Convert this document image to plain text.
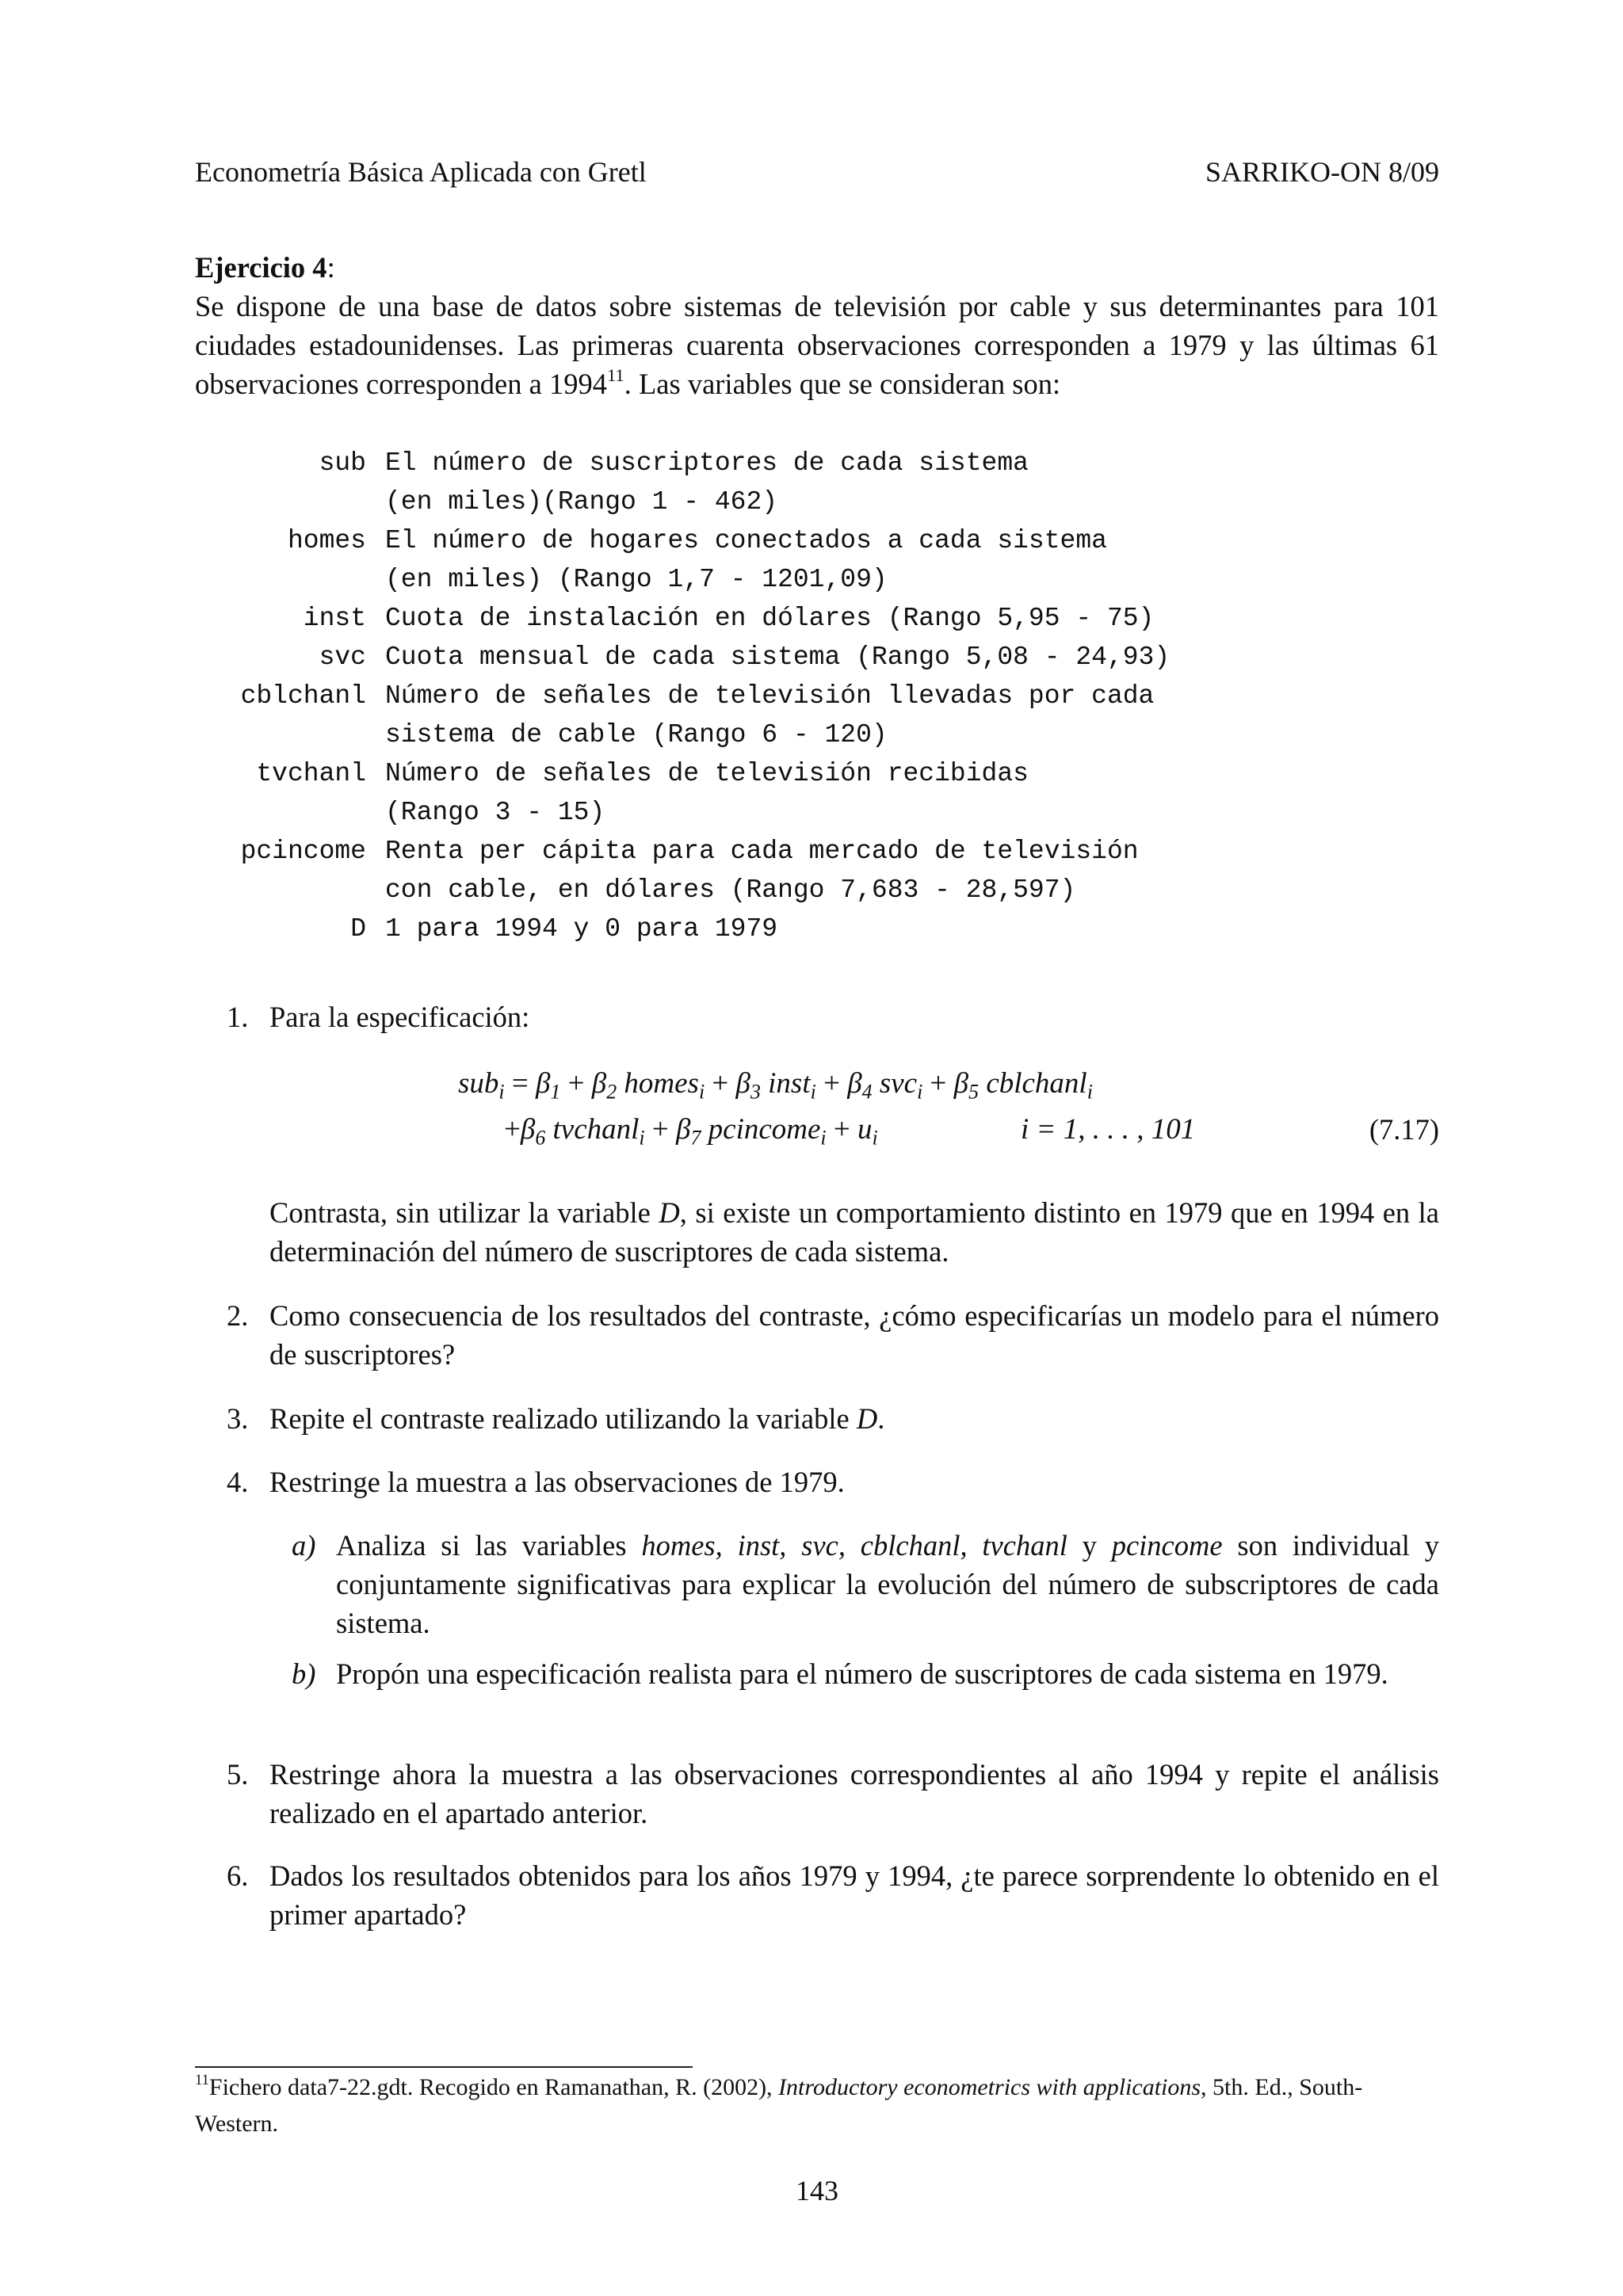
Econometría Básica Aplicada con Gretl	SARRIKO-ON 8/09
Ejercicio 4:
Se dispone de una base de datos sobre sistemas de televisión por cable y sus determinantes para 101 ciudades estadounidenses. Las primeras cuarenta observaciones corresponden a 1979 y las últimas 61 observaciones corresponden a 1994$^{11}$. Las variables que se consideran son:
sub El número de suscriptores de cada sistema
(en miles)(Rango 1 - 462)
homes El número de hogares conectados a cada sistema
(en miles) (Rango 1,7 - 1201,09)
inst Cuota de instalación en dólares (Rango 5,95 - 75)
svc Cuota mensual de cada sistema (Rango 5,08 - 24,93)
cblchanl Número de señales de televisión llevadas por cada
sistema de cable (Rango 6 - 120)
tvchanl Número de señales de televisión recibidas
(Rango 3 - 15)
pcincome Renta per cápita para cada mercado de televisión
con cable, en dólares (Rango 7,683 - 28,597)
D 1 para 1994 y 0 para 1979
1. Para la especificación:
$sub_i = \beta_1 + \beta_2$ homes$_i$ + $\beta_3$ inst$_i$ + $\beta_4$ $svc_i + \beta_5$ cblchanl$_i$
$+\beta_6$ tvchanl$_i$ + $\beta_7$ pcincome$_i$ + $u_i$	i = 1, . . . , 101	(7.17)
Contrasta, sin utilizar la variable D, si existe un comportamiento distinto en 1979 que en 1994 en la determinación del número de suscriptores de cada sistema.
2. Como consecuencia de los resultados del contraste, ¿cómo especificarías un modelo para el número de suscriptores?
3. Repite el contraste realizado utilizando la variable D.
4. Restringe la muestra a las observaciones de 1979.
a) Analiza si las variables homes, inst, svc, cblchanl, tvchanl y pcincome son individual y conjuntamente significativas para explicar la evolución del número de subscriptores de cada sistema.
b) Propón una especificación realista para el número de suscriptores de cada sistema en 1979.
5. Restringe ahora la muestra a las observaciones correspondientes al año 1994 y repite el análisis realizado en el apartado anterior.
6. Dados los resultados obtenidos para los años 1979 y 1994, ¿te parece sorprendente lo obtenido en el primer apartado?
$^{11}$Fichero data7-22.gdt. Recogido en Ramanathan, R. (2002), Introductory econometrics with applications, 5th. Ed., South-Western.
143
